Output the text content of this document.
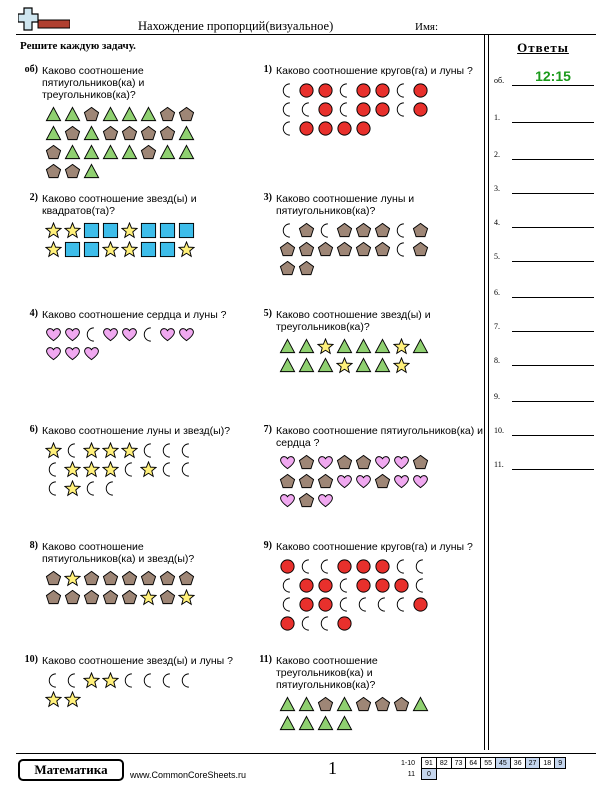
Нахождение пропорций(визуальное)	Имя:
Решите каждую задачу.	Ответы
об.	12:15
1.
2.
3.
4.
5.
6.
7.
8.
9.
10.
11.
об) Каково соотношение пятиугольников(ка) и треугольников(ка)?
1) Каково соотношение кругов(га) и луны ?
2) Каково соотношение звезд(ы) и квадратов(та)?
3) Каково соотношение луны и пятиугольников(ка)?
4) Каково соотношение сердца и луны ?	5) Каково соотношение звезд(ы) и треугольников(ка)?
6) Каково соотношение луны и звезд(ы)?	7) Каково соотношение пятиугольников(ка) и сердца ?
8) Каково соотношение пятиугольников(ка) и звезд(ы)?
9) Каково соотношение кругов(га) и луны ?
10) Каково соотношение звезд(ы) и луны ?	11) Каково соотношение треугольников(ка) и пятиугольников(ка)?
Математика	www.CommonCoreSheets.ru	1	1-10	91	82	73	64	55	45	36	27	18	9
11	0									
